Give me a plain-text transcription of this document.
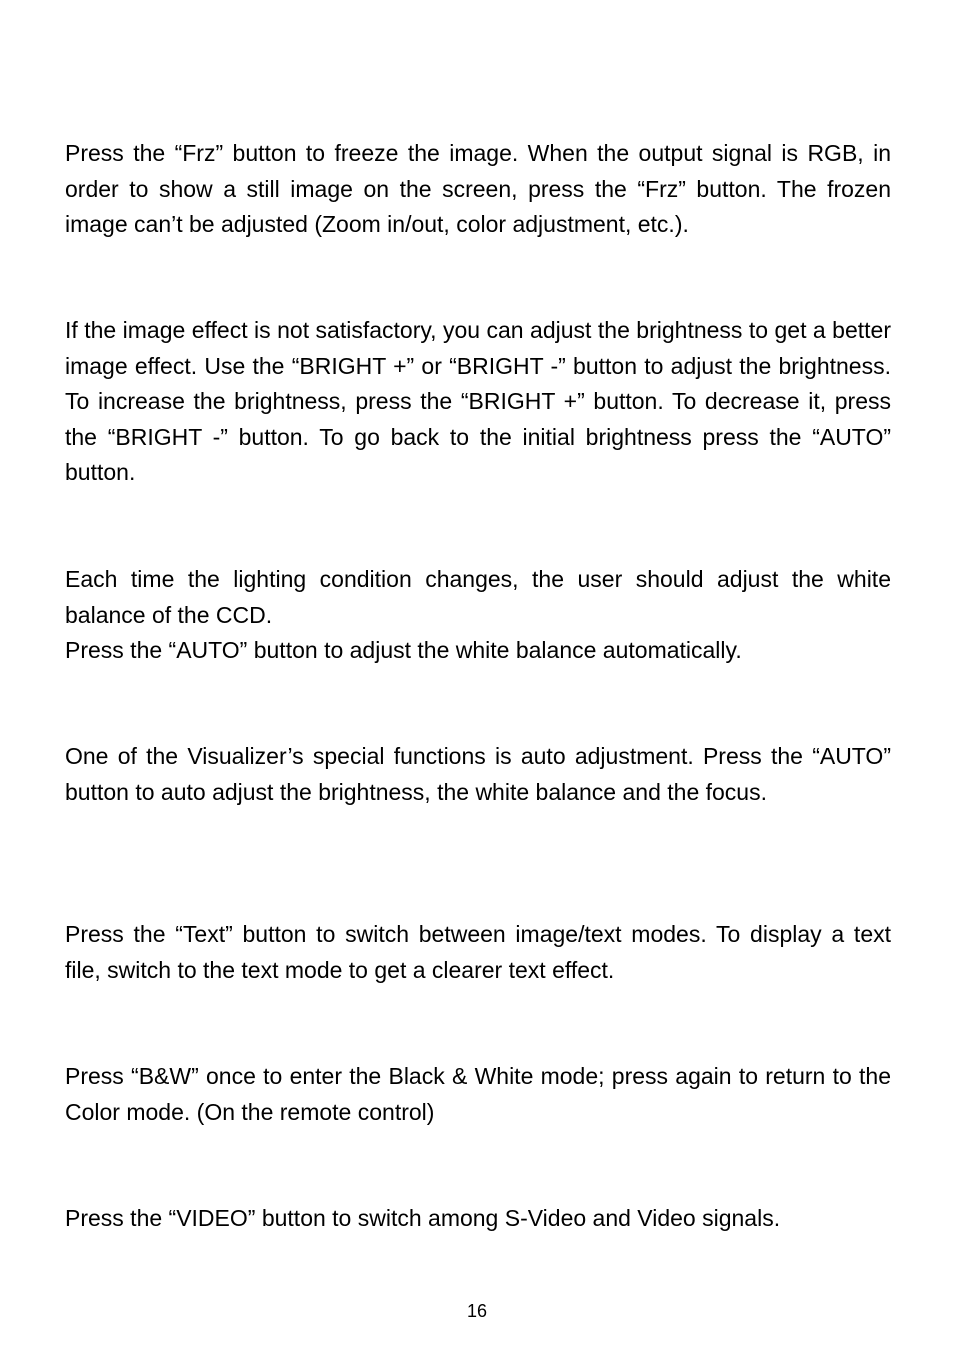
Press the “Frz” button to freeze the image. When the output signal is RGB, in order to show a still image on the screen, press the “Frz” button. The frozen image can’t be adjusted (Zoom in/out, color adjustment, etc.).

If the image effect is not satisfactory, you can adjust the brightness to get a better image effect. Use the “BRIGHT +” or “BRIGHT -” button to adjust the brightness. To increase the brightness, press the “BRIGHT +” button. To decrease it, press the “BRIGHT -” button. To go back to the initial brightness press the “AUTO” button.

Each time the lighting condition changes, the user should adjust the white balance of the CCD.
Press the “AUTO” button to adjust the white balance automatically.

One of the Visualizer’s special functions is auto adjustment. Press the “AUTO” button to auto adjust the brightness, the white balance and the focus.

Press the “Text” button to switch between image/text modes. To display a text file, switch to the text mode to get a clearer text effect.

Press “B&W” once to enter the Black & White mode; press again to return to the Color mode. (On the remote control)

Press the “VIDEO” button to switch among S-Video and Video signals.

16
